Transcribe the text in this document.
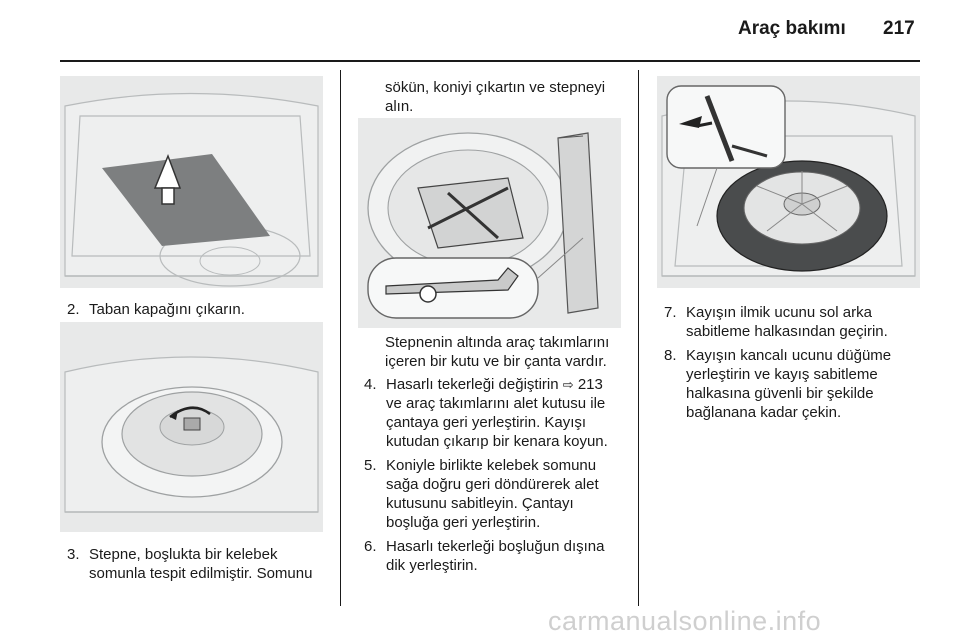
Araç bakımı 217
2. Taban kapağını çıkarın.
3. Stepne, boşlukta bir kelebek
somunla tespit edilmiştir. Somunu
sökün, koniyi çıkartın ve stepneyi
alın.
Stepnenin altında araç takımlarını
içeren bir kutu ve bir çanta vardır.
4. Hasarlı tekerleği değiştirin ⇨ 213
ve araç takımlarını alet kutusu ile
çantaya geri yerleştirin. Kayışı
kutudan çıkarıp bir kenara koyun.
5. Koniyle birlikte kelebek somunu
sağa doğru geri döndürerek alet
kutusunu sabitleyin. Çantayı
boşluğa geri yerleştirin.
6. Hasarlı tekerleği boşluğun dışına
dik yerleştirin.
7. Kayışın ilmik ucunu sol arka
sabitleme halkasından geçirin.
8. Kayışın kancalı ucunu düğüme
yerleştirin ve kayış sabitleme
halkasına güvenli bir şekilde
bağlanana kadar çekin.
carmanualsonline.info
